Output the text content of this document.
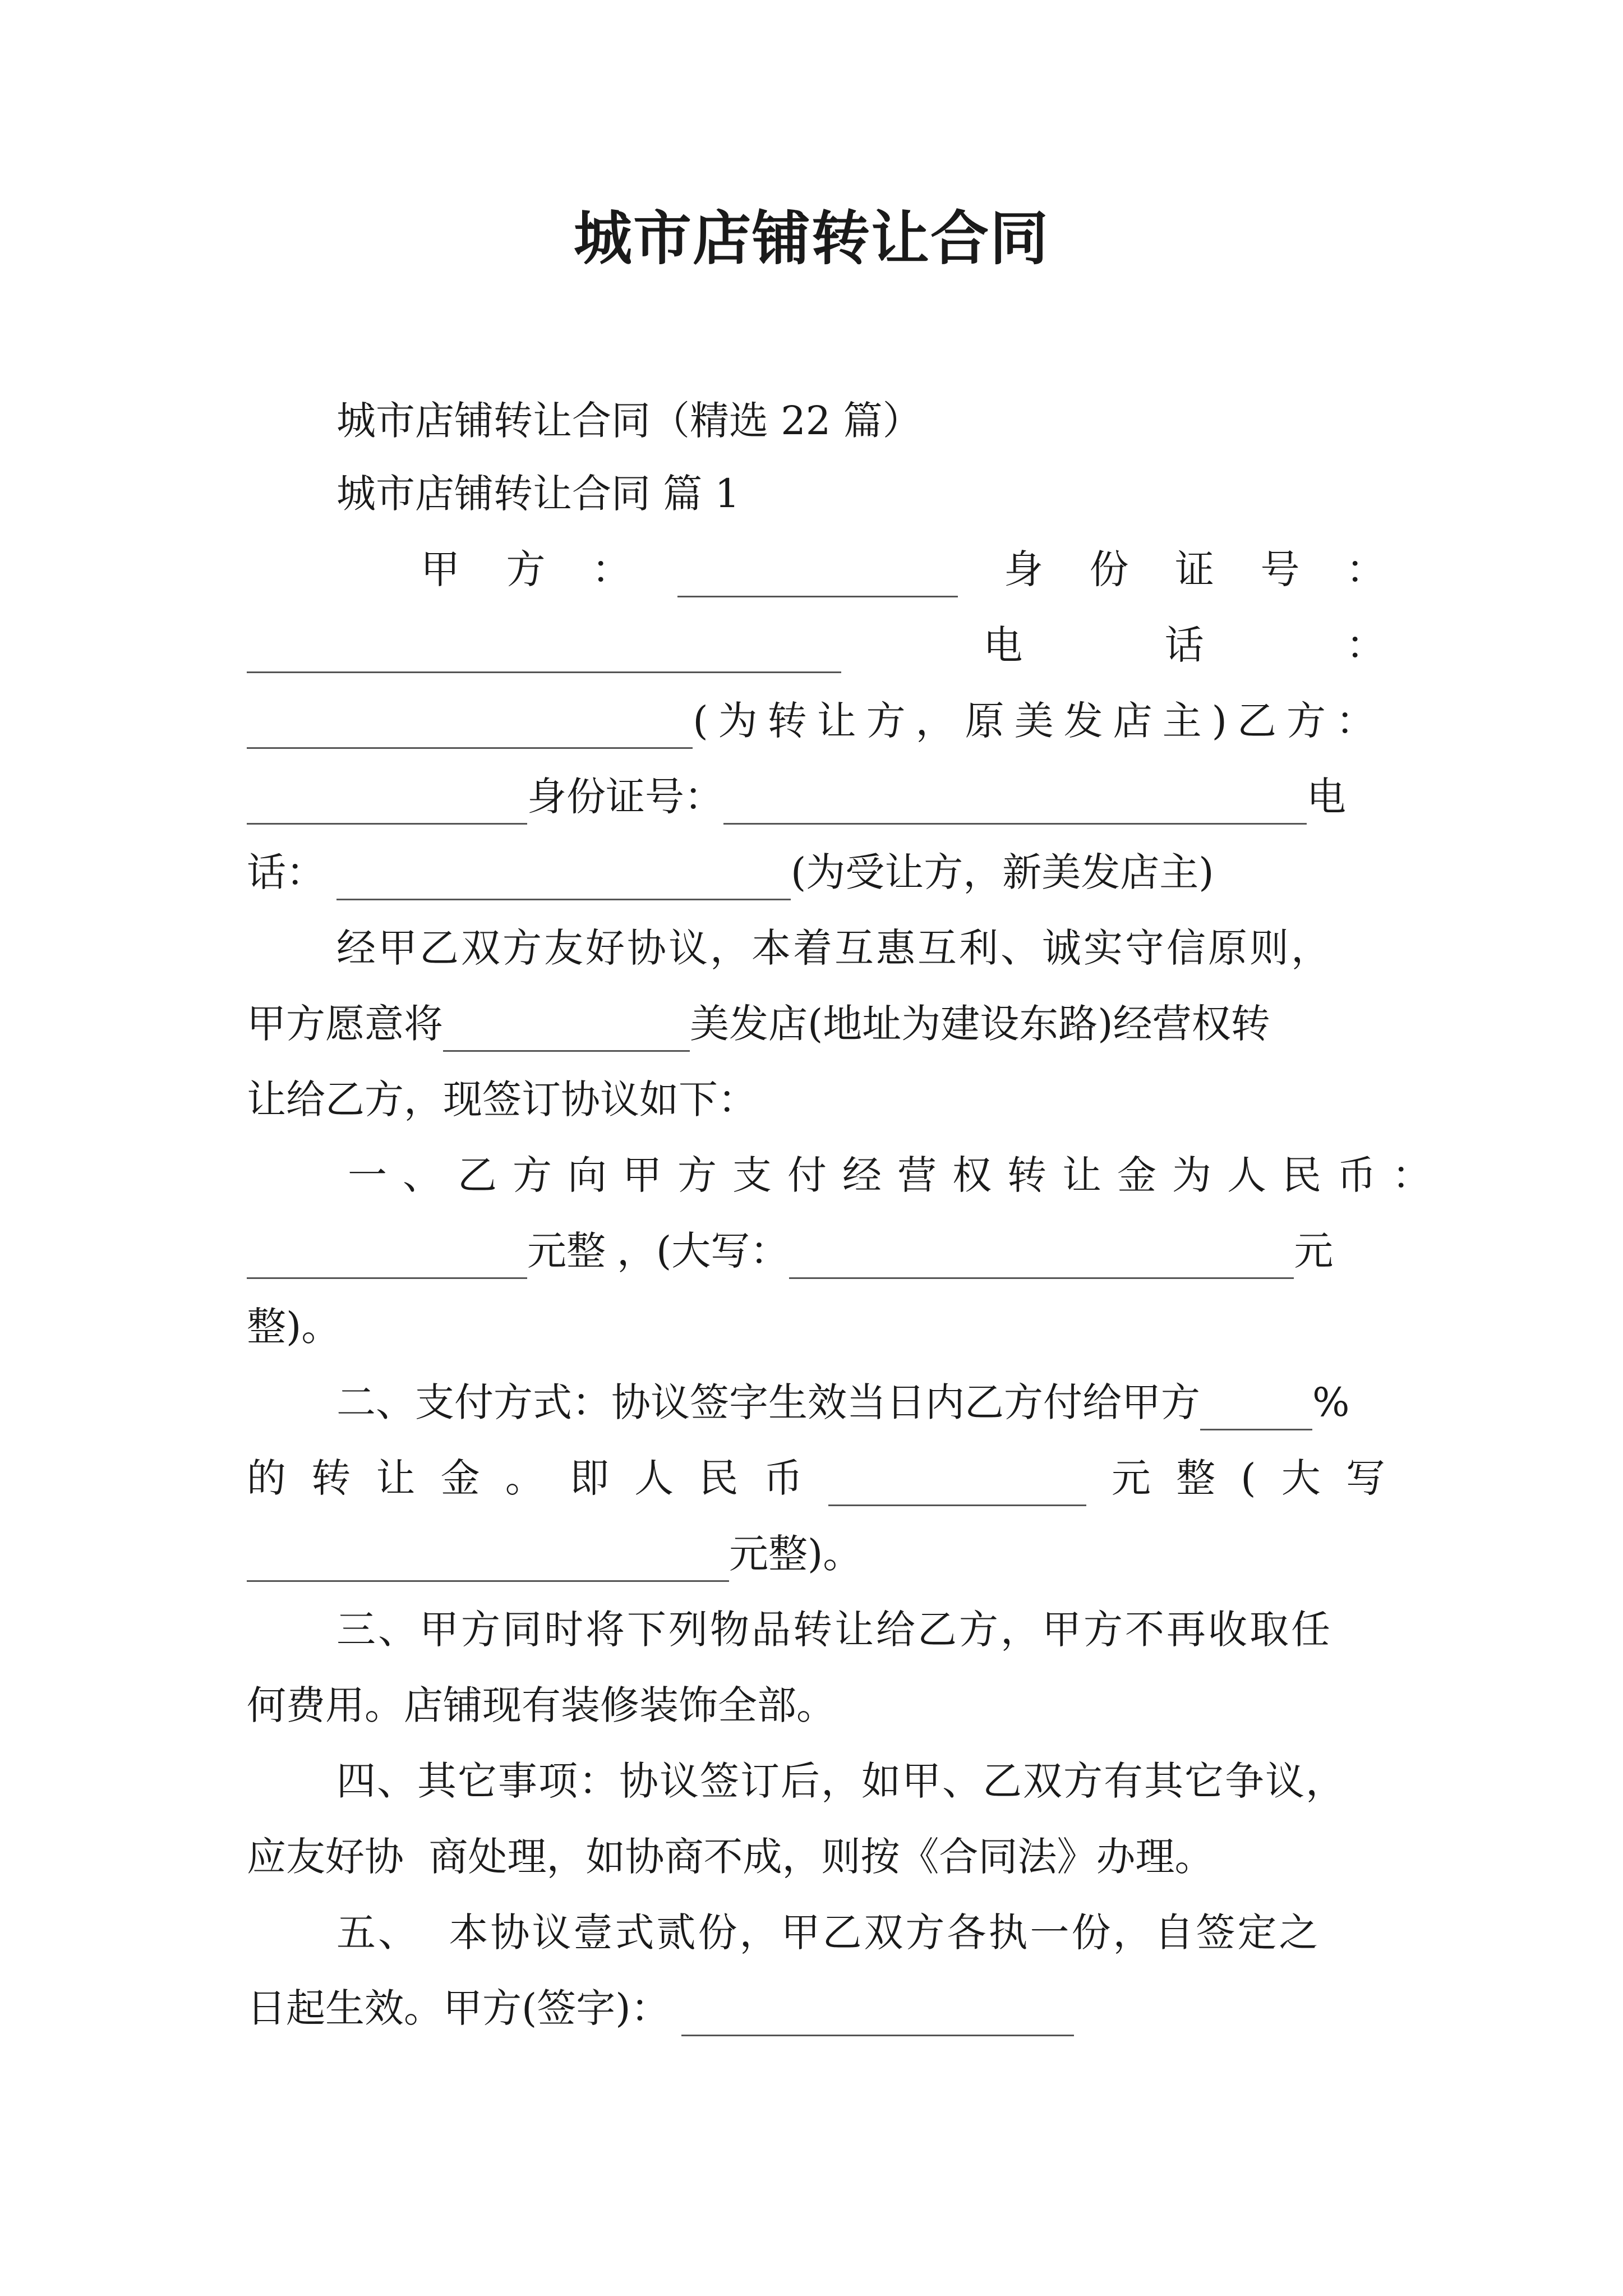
城市店铺转让合同
城市店铺转让合同（精选 22 篇）
城市店铺转让合同 篇 1
甲 方 ：	身 份 证 号 ：
电	话	：
(为转让方，原美发店主) 乙方：
身份证号：	电
话：	(为受让方，新美发店主)
经甲乙双方友好协议，本着互惠互利、诚实守信原则，
甲方愿意将	美发店(地址为建设东路)经营权转
让给乙方，现签订协议如下：
一、乙方向甲方支付经营权转让金为人民币：
元整 ，(大写：	元
整)。
二、支付方式：协议签字生效当日内乙方付给甲方	%
的 转 让 金 。 即 人 民 币	元 整 ( 大 写
元整)。
三、甲方同时将下列物品转让给乙方，甲方不再收取任
何费用。店铺现有装修装饰全部。
四、其它事项：协议签订后，如甲、乙双方有其它争议，
应友好协  商处理，如协商不成，则按《合同法》办理。
五、  本协议壹式贰份，甲乙双方各执一份，自签定之
日起生效。甲方(签字)：
